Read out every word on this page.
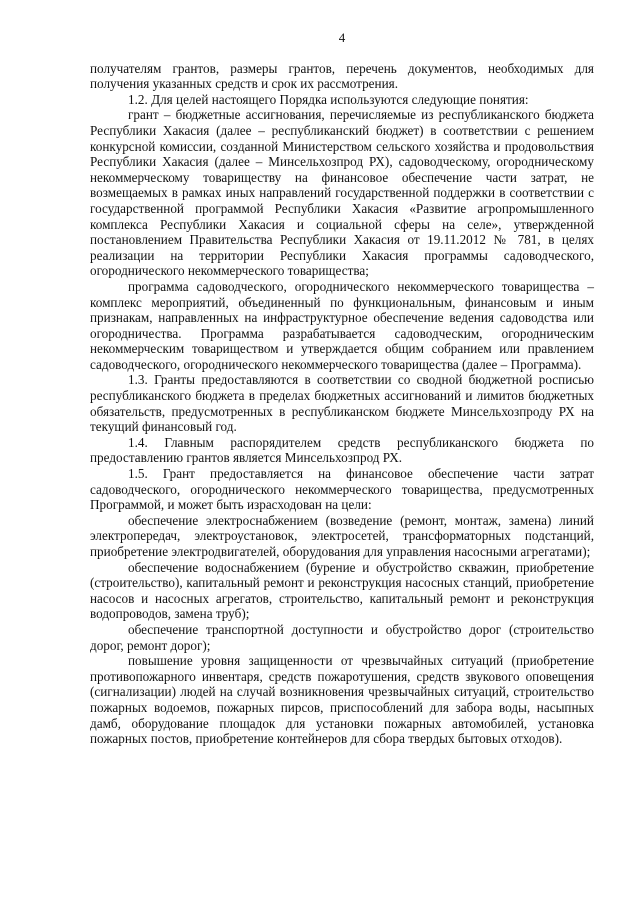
4

получателям грантов, размеры грантов, перечень документов, необходимых для получения указанных средств и срок их рассмотрения.

1.2. Для целей настоящего Порядка используются следующие понятия:

грант – бюджетные ассигнования, перечисляемые из республиканского бюджета Республики Хакасия (далее – республиканский бюджет) в соответствии с решением конкурсной комиссии, созданной Министерством сельского хозяйства и продовольствия Республики Хакасия (далее – Минсельхозпрод РХ), садоводческому, огородническому некоммерческому товариществу на финансовое обеспечение части затрат, не возмещаемых в рамках иных направлений государственной поддержки в соответствии с государственной программой Республики Хакасия «Развитие агропромышленного комплекса Республики Хакасия и социальной сферы на селе», утвержденной постановлением Правительства Республики Хакасия от 19.11.2012 № 781, в целях реализации на территории Республики Хакасия программы садоводческого, огороднического некоммерческого товарищества;

программа садоводческого, огороднического некоммерческого товарищества – комплекс мероприятий, объединенный по функциональным, финансовым и иным признакам, направленных на инфраструктурное обеспечение ведения садоводства или огородничества. Программа разрабатывается садоводческим, огородническим некоммерческим товариществом и утверждается общим собранием или правлением садоводческого, огороднического некоммерческого товарищества (далее – Программа).

1.3. Гранты предоставляются в соответствии со сводной бюджетной росписью республиканского бюджета в пределах бюджетных ассигнований и лимитов бюджетных обязательств, предусмотренных в республиканском бюджете Минсельхозпроду РХ на текущий финансовый год.

1.4. Главным распорядителем средств республиканского бюджета по предоставлению грантов является Минсельхозпрод РХ.

1.5. Грант предоставляется на финансовое обеспечение части затрат садоводческого, огороднического некоммерческого товарищества, предусмотренных Программой, и может быть израсходован на цели:

обеспечение электроснабжением (возведение (ремонт, монтаж, замена) линий электропередач, электроустановок, электросетей, трансформаторных подстанций, приобретение электродвигателей, оборудования для управления насосными агрегатами);

обеспечение водоснабжением (бурение и обустройство скважин, приобретение (строительство), капитальный ремонт и реконструкция насосных станций, приобретение насосов и насосных агрегатов, строительство, капитальный ремонт и реконструкция водопроводов, замена труб);

обеспечение транспортной доступности и обустройство дорог (строительство дорог, ремонт дорог);

повышение уровня защищенности от чрезвычайных ситуаций (приобретение противопожарного инвентаря, средств пожаротушения, средств звукового оповещения (сигнализации) людей на случай возникновения чрезвычайных ситуаций, строительство пожарных водоемов, пожарных пирсов, приспособлений для забора воды, насыпных дамб, оборудование площадок для установки пожарных автомобилей, установка пожарных постов, приобретение контейнеров для сбора твердых бытовых отходов).
